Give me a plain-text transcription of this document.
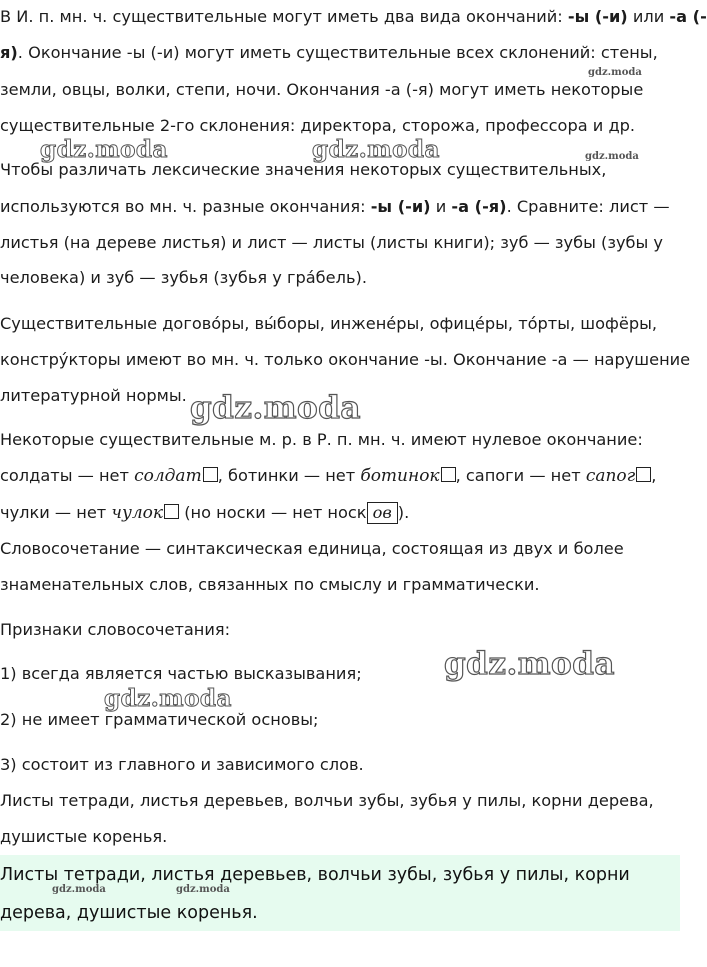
В И. п. мн. ч. существительные могут иметь два вида окончаний: -ы (-и) или -а (-
я). Окончание -ы (-и) могут иметь существительные всех склонений: стены,
земли, овцы, волки, степи, ночи. Окончания -а (-я) могут иметь некоторые
существительные 2-го склонения: директора, сторожа, профессора и др.
Чтобы различать лексические значения некоторых существительных,
используются во мн. ч. разные окончания: -ы (-и) и -а (-я). Сравните: лист —
листья (на дереве листья) и лист — листы (листы книги); зуб — зубы (зубы у
человека) и зуб — зубья (зубья у гра́бель).
Существительные догово́ры, вы́боры, инжене́ры, офице́ры, то́рты, шофёры,
констру́кторы имеют во мн. ч. только окончание -ы. Окончание -а — нарушение
литературной нормы.
Некоторые существительные м. р. в Р. п. мн. ч. имеют нулевое окончание:
солдаты — нет солдат , ботинки — нет ботинок , сапоги — нет сапог ,
чулки — нет чулок (но носки — нет носк ов ).
Словосочетание — синтаксическая единица, состоящая из двух и более
знаменательных слов, связанных по смыслу и грамматически.
Признаки словосочетания:
1) всегда является частью высказывания;
2) не имеет грамматической основы;
3) состоит из главного и зависимого слов.
Листы тетради, листья деревьев, волчьи зубы, зубья у пилы, корни дерева,
душистые коренья.
Листы тетради, листья деревьев, волчьи зубы, зубья у пилы, корни
дерева, душистые коренья.
gdz.moda
gdz.moda	gdz.moda	gdz.moda
gdz.moda
gdz.moda
gdz.moda
gdz.moda	gdz.moda
